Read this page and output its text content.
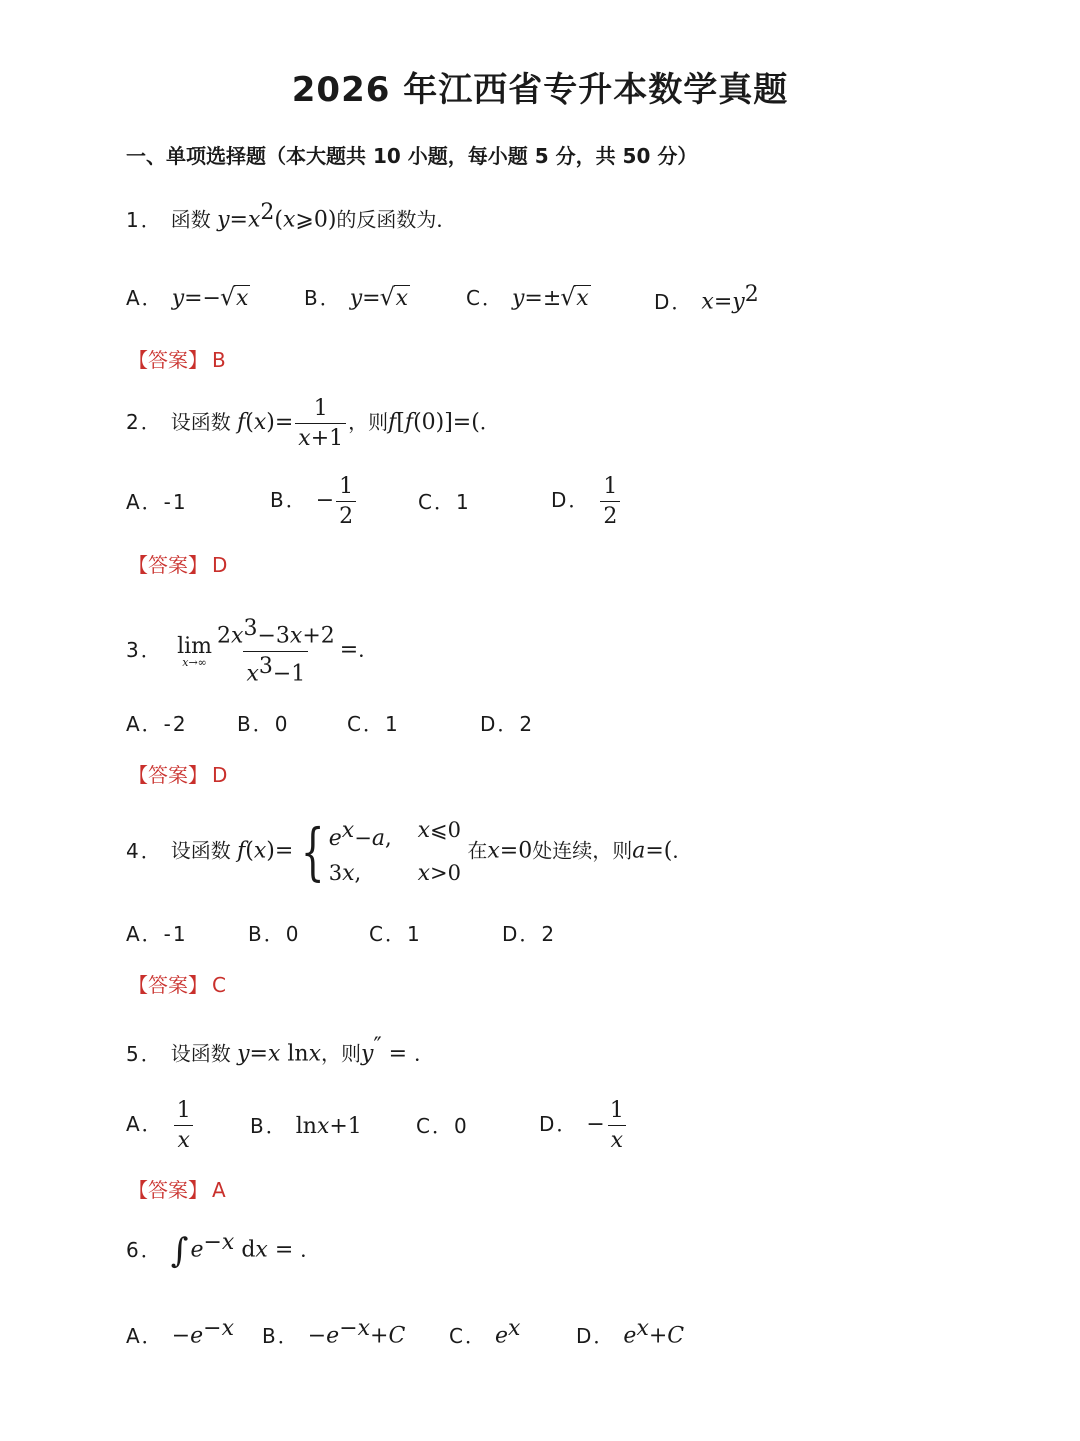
2026 年江西省专升本数学真题
一、单项选择题（本大题共 10 小题，每小题 5 分，共 50 分）
1． 函数 $y=x^2(x⩾0)$的反函数为．
A． y=− √ x	B． y= √ x	C． y=± √ x	D． $x=y^2$
【答案】 B
2． 设函数 $f(x)= \frac{1}{x+1}$ ，则f[f(0)]=(．
A．-1	B． − $\frac{1}{2}$	C．1	D． $\frac{1}{2}$
【答案】 D
3． lim
$x\to\infty \frac{2x^3-3x+2}{x^3-1}$ =．
A．-2	B．0	C．1	D．2
【答案】 D
4． 设函数 f(x)= { $e^x-a$, x⩽0
3x,	x>0
在x=0处连续，则a=(．
A．-1	B．0	C．1	D．2
【答案】 C
5． 设函数 y=x lnx，则y″ = ．
A． $\frac{1}{x}$	B． lnx+1	C．0	D． − $\frac{1}{x}$
【答案】 A
6． $\int e^{-x}$ dx = ．
A． $-e^{-x}$ B． $-e^{-x}+C$ C． $e^x$	D． $e^x+C$
